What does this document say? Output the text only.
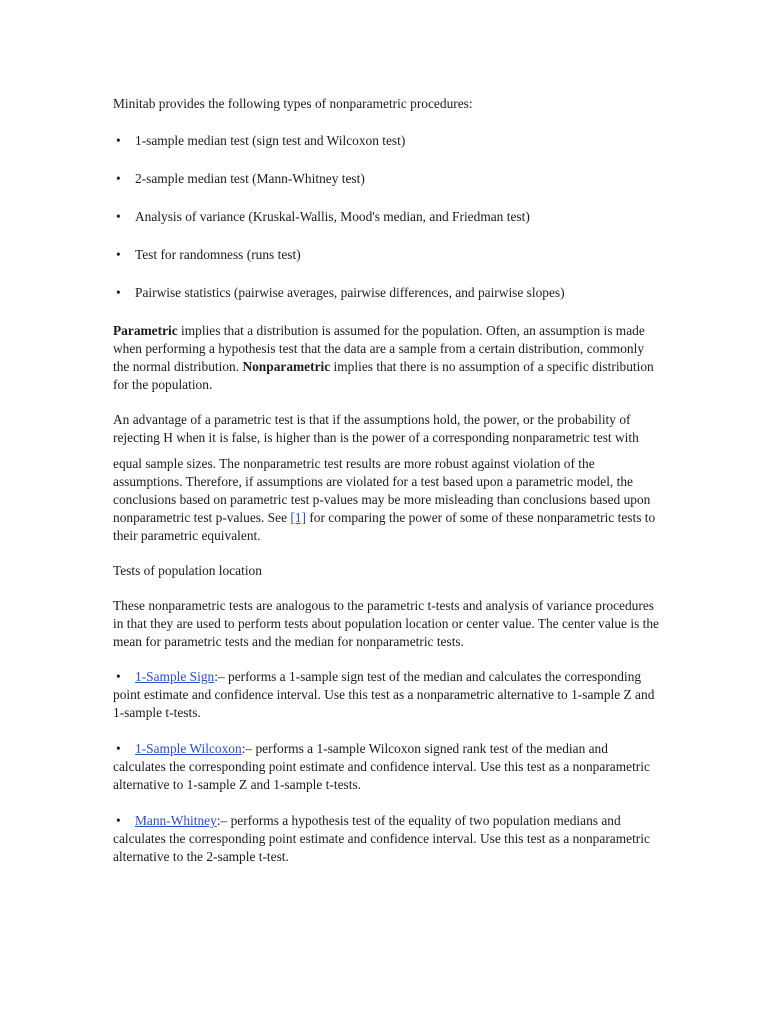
Minitab provides the following types of nonparametric procedures:

• 1-sample median test (sign test and Wilcoxon test)
• 2-sample median test (Mann-Whitney test)
• Analysis of variance (Kruskal-Wallis, Mood's median, and Friedman test)
• Test for randomness (runs test)
• Pairwise statistics (pairwise averages, pairwise differences, and pairwise slopes)

Parametric implies that a distribution is assumed for the population. Often, an assumption is made when performing a hypothesis test that the data are a sample from a certain distribution, commonly the normal distribution. Nonparametric implies that there is no assumption of a specific distribution for the population.

An advantage of a parametric test is that if the assumptions hold, the power, or the probability of rejecting H when it is false, is higher than is the power of a corresponding nonparametric test with equal sample sizes. The nonparametric test results are more robust against violation of the assumptions. Therefore, if assumptions are violated for a test based upon a parametric model, the conclusions based on parametric test p-values may be more misleading than conclusions based upon nonparametric test p-values. See [1] for comparing the power of some of these nonparametric tests to their parametric equivalent.

Tests of population location

These nonparametric tests are analogous to the parametric t-tests and analysis of variance procedures in that they are used to perform tests about population location or center value. The center value is the mean for parametric tests and the median for nonparametric tests.

• 1-Sample Sign:– performs a 1-sample sign test of the median and calculates the corresponding point estimate and confidence interval. Use this test as a nonparametric alternative to 1-sample Z and 1-sample t-tests.

• 1-Sample Wilcoxon:– performs a 1-sample Wilcoxon signed rank test of the median and calculates the corresponding point estimate and confidence interval. Use this test as a nonparametric alternative to 1-sample Z and 1-sample t-tests.

• Mann-Whitney:– performs a hypothesis test of the equality of two population medians and calculates the corresponding point estimate and confidence interval. Use this test as a nonparametric alternative to the 2-sample t-test.
